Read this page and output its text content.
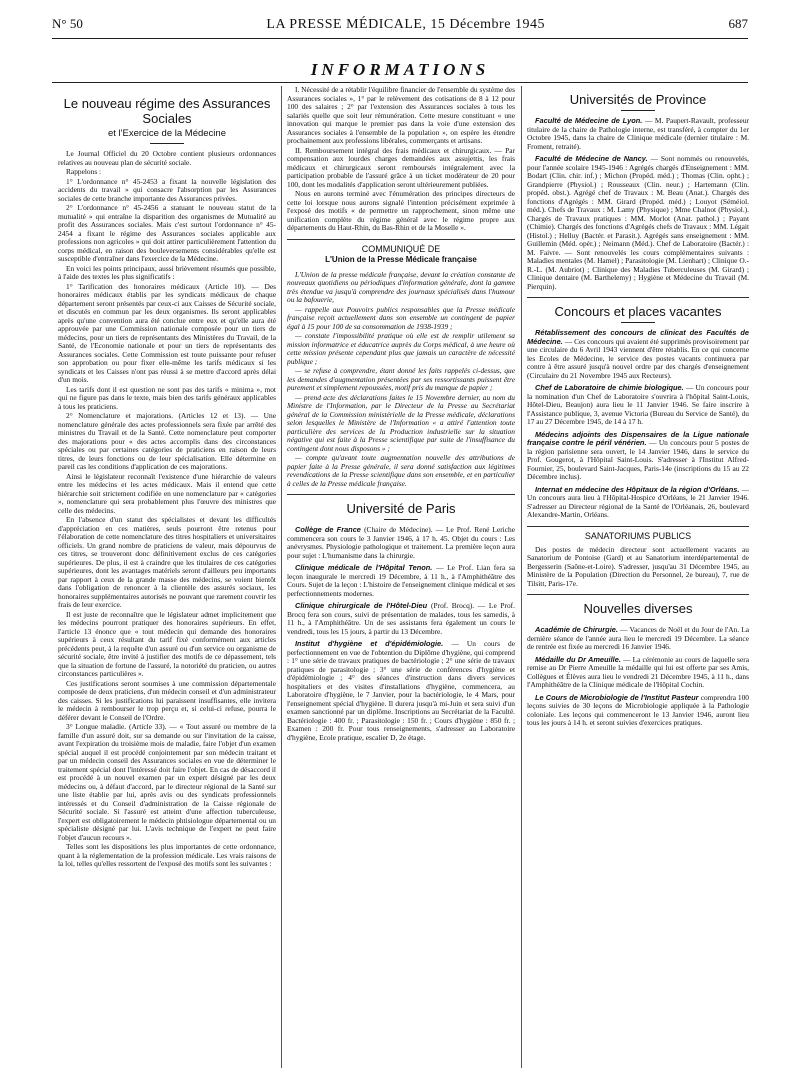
N° 50	LA PRESSE MÉDICALE, 15 Décembre 1945	687
INFORMATIONS
Le nouveau régime des Assurances Sociales
et l'Exercice de la Médecine

Le Journal Officiel du 20 Octobre contient plusieurs ordonnances relatives au nouveau plan de sécurité sociale.

Rappelons :

1° L'ordonnance n° 45-2453 a fixant la nouvelle législation des accidents du travail » qui consacre l'absorption par les Assurances sociales de cette branche importante des Assurances privées.

2° L'ordonnance n° 45-2456 a statuant le nouveau statut de la mutualité » qui entraîne la disparition des organismes de Mutualité au profit des Assurances sociales. Mais c'est surtout l'ordonnance n° 45-2454 a fixant le régime des Assurances sociales applicable aux professions non agricoles » qui doit attirer particulièrement l'attention du corps médical, en raison des bouleversements considérables qu'elle est susceptible d'entraîner dans l'exercice de la Médecine.

En voici les points principaux, aussi brièvement résumés que possible, à l'aide des textes les plus significatifs :

1° Tarification des honoraires médicaux (Article 10). — Des honoraires médicaux établis par les syndicats médicaux de chaque département seront présentés par ceux-ci aux Caisses de Sécurité sociale, et discutés en commun par les deux organismes. Ils seront applicables après qu'une convention aura été conclue entre eux et qu'elle aura été approuvée par une Commission nationale composée pour un tiers de médecins, pour un tiers de représentants des Ministères du Travail, de la Santé, de l'Economie nationale et pour un tiers de représentants des Assurances sociales. Cette Commission est toute puissante pour refuser son approbation ou pour fixer elle-même les tarifs médicaux si les syndicats et les Caisses n'ont pas réussi à se mettre d'accord après délai d'un mois.

Les tarifs dont il est question ne sont pas des tarifs « minima », mot qui ne figure pas dans le texte, mais bien des tarifs généraux applicables à tous les praticiens.

2° Nomenclature et majorations. (Articles 12 et 13). — Une nomenclature générale des actes professionnels sera fixée par arrêté des ministres du Travail et de la Santé. Cette nomenclature peut comporter des majorations pour « des actes accomplis dans des circonstances spéciales ou par certaines catégories de praticiens en raison de leurs titres, de leurs fonctions ou de leur spécialisation. Elle détermine en pareil cas les conditions d'application de ces majorations.

Ainsi le législateur reconnaît l'existence d'une hiérarchie de valeurs entre les médecins et les actes médicaux. Mais il entend que cette hiérarchie soit strictement codifiée en une nomenclature par « catégories », nomenclature qui sera probablement plus l'œuvre des ministres que celle des médecins.

En l'absence d'un statut des spécialistes et devant les difficultés d'appréciation en ces matières, seuls pourront être retenus pour l'élaboration de cette nomenclature des titres hospitaliers et universitaires officiels. Un grand nombre de praticiens de valeur, mais dépourvus de ces titres, se trouveront donc définitivement exclus de ces catégories supérieures. De plus, il est à craindre que les titulaires de ces catégories supérieures, dont les avantages matériels seront d'ailleurs peu importants par rapport à ceux de la grande masse des médecins, se voient bientôt dans l'obligation de renoncer à la clientèle des assurés sociaux, les honoraires supplémentaires autorisés ne pouvant que rarement couvrir les frais de leur exercice.

Il est juste de reconnaître que le législateur admet implicitement que les médecins pourront pratiquer des honoraires supérieurs. En effet, l'article 13 énonce que « tout médecin qui demande des honoraires supérieurs à ceux résultant du tarif fixé conformément aux articles précédents peut, à la requête d'un assuré ou d'un service ou organisme de sécurité sociale, être invité à justifier des motifs de ce dépassement, tels que la situation de fortune de l'assuré, la notoriété du praticien, ou autres circonstances particulières ».

Ces justifications seront soumises à une commission départementale composée de deux praticiens, d'un médecin conseil et d'un administrateur des caisses. Si les justifications lui paraissent insuffisantes, elle invitera le médecin à rembourser le trop perçu et, si celui-ci refuse, pourra le déférer devant le Conseil de l'Ordre.

3° Longue maladie. (Article 33). — « Tout assuré ou membre de la famille d'un assuré doit, sur sa demande ou sur l'invitation de la caisse, avant l'expiration du troisième mois de maladie, faire l'objet d'un examen spécial auquel il est procédé conjointement par son médecin traitant et par un médecin conseil des Assurances sociales en vue de déterminer le traitement spécial dont l'intéressé doit faire l'objet. En cas de désaccord il est procédé à un nouvel examen par un expert désigné par les deux médecins ou, à défaut d'accord, par le directeur régional de la Santé sur une liste établie par lui, après avis ou des syndicats professionnels intéressés et du Conseil d'administration de la Caisse régionale de Sécurité sociale. Si l'assuré est atteint d'une affection tuberculeuse, l'expert est obligatoirement le médecin phtisiologue départemental ou un spécialiste désigné par lui. L'avis technique de l'expert ne peut faire l'objet d'aucun recours ».

Telles sont les dispositions les plus importantes de cette ordonnance, quant à la réglementation de la profession médicale. Les vrais raisons de la loi, telles qu'elles ressortent de l'exposé des motifs sont les suivantes :

I. Nécessité de a rétablir l'équilibre financier de l'ensemble du système des Assurances sociales », 1° par le relèvement des cotisations de 8 à 12 pour 100 des salaires ; 2° par l'extension des Assurances sociales à tous les salariés quelle que soit leur rémunération. Cette mesure constituant « une innovation qui marque le premier pas dans la voie d'une extension des Assurances sociales à l'ensemble de la population », on espère les étendre prochainement aux professions libérales, commerçants et artisans.

II. Remboursement intégral des frais médicaux et chirurgicaux. — Par compensation aux lourdes charges demandées aux assujettis, les frais médicaux et chirurgicaux seront remboursés intégralement avec la participation probable de l'assuré grâce à un ticket modérateur de 20 pour 100, dont les modalités d'application seront ultérieurement publiées.

Nous en aurons terminé avec l'énumération des principes directeurs de cette loi lorsque nous aurons signalé l'intention précisément exprimée à l'exposé des motifs « de permettre un rapprochement, sinon même une unification complète du régime général avec le régime propre aux départements du Haut-Rhin, du Bas-Rhin et de la Moselle ».

COMMUNIQUÉ DE
L'Union de la Presse Médicale française

L'Union de la presse médicale française, devant la création constante de nouveaux quotidiens ou périodiques d'information générale, dont la gamme très étendue va jusqu'à comprendre des journaux spécialisés dans l'humour ou la bafouerie,

— rappelle aux Pouvoirs publics responsables que la Presse médicale française reçoit actuellement dans son ensemble un contingent de papier égal à 15 pour 100 de sa consommation de 1938-1939 ;

— constate l'impossibilité pratique où elle est de remplir utilement sa mission informatrice et éducatrice auprès du Corps médical, à une heure où cette mission présente cependant plus que jamais un caractère de nécessité publique ;

— se refuse à comprendre, étant donné les faits rappelés ci-dessus, que les demandes d'augmentation présentées par ses ressortissants puissent être purement et simplement repoussées, motif pris du manque de papier ;

— prend acte des déclarations faites le 15 Novembre dernier, au nom du Ministre de l'Information, par le Directeur de la Presse au Secrétariat général de la Commission ministérielle de la Presse médicale, déclarations selon lesquelles le Ministère de l'Information « a attiré l'attention toute particulière des services de la Production industrielle sur la situation négative qui est faite à la Presse scientifique par suite de l'insuffisance du contingent dont nous disposons » ;

— compte qu'avant toute augmentation nouvelle des attributions de papier faite à la Presse générale, il sera donné satisfaction aux légitimes revendications de la Presse scientifique dans son ensemble, et en particulier à celles de la Presse médicale française.

Université de Paris

Collège de France (Chaire de Médecine). — Le Prof. René Leriche commencera son cours le 3 Janvier 1946, à 17 h. 45. Objet du cours : Les anévrysmes. Physiologie pathologique et traitement. La première leçon aura pour sujet : L'humanisme dans la chirurgie.

Clinique médicale de l'Hôpital Tenon. — Le Prof. Lian fera sa leçon inaugurale le mercredi 19 Décembre, à 11 h., à l'Amphithéâtre des Cours. Sujet de la leçon : L'histoire de l'enseignement clinique médical et ses perfectionnements modernes.

Clinique chirurgicale de l'Hôtel-Dieu (Prof. Brocq). — Le Prof. Brocq fera son cours, suivi de présentation de malades, tous les samedis, à 11 h., à l'Amphithéâtre. Un de ses assistants fera également un cours le vendredi, tous les 15 jours, à partir du 13 Décembre.

Institut d'hygiène et d'épidémiologie. — Un cours de perfectionnement en vue de l'obtention du Diplôme d'hygiène, qui comprend : 1° une série de travaux pratiques de bactériologie ; 2° une série de travaux pratiques de parasitologie ; 3° une série de conférences d'hygiène et d'épidémiologie ; 4° des séances d'instruction dans divers services hospitaliers et des visites d'installations d'hygiène, commencera, au Laboratoire d'hygiène, le 7 Janvier, pour la bactériologie, le 4 Mars, pour l'enseignement spécial d'hygiène. Il durera jusqu'à mi-Juin et sera suivi d'un examen sanctionné par un diplôme. Inscriptions au Secrétariat de la Faculté. Bactériologie : 400 fr. ; Parasitologie : 150 fr. ; Cours d'hygiène : 850 fr. ; Examen : 200 fr. Pour tous renseignements, s'adresser au Laboratoire d'hygiène, Ecole pratique, escalier D, 2e étage.

Universités de Province

Faculté de Médecine de Lyon. — M. Paupert-Ravault, professeur titulaire de la chaire de Pathologie interne, est transféré, à compter du 1er Octobre 1945, dans la chaire de Clinique médicale (dernier titulaire : M. Froment, retraité).

Faculté de Médecine de Nancy. — Sont nommés ou renouvelés, pour l'année scolaire 1945-1946 : Agrégés chargés d'Enseignement : MM. Bodart (Clin. chir. inf.) ; Michon (Propéd. méd.) ; Thomas (Clin. opht.) ; Grandpierre (Physiol.) ; Rousseaux (Clin. neur.) ; Hartemann (Clin. propéd. obst.). Agrégé chef de Travaux : M. Beau (Anat.). Chargés des fonctions d'Agrégés : MM. Girard (Propéd. méd.) ; Louyot (Séméiol. méd.). Chefs de Travaux : M. Lamy (Physique) ; Mme Chalnot (Physiol.). Chargés de Travaux pratiques : MM. Morlot (Anat. pathol.) ; Payant (Chimie). Chargés des fonctions d'Agrégés chefs de Travaux : MM. Légait (Histol.) ; Helluy (Bactér. et Parasit.). Agrégés sans enseignement : MM. Guillemin (Méd. opér.) ; Neimann (Méd.). Chef de Laboratoire (Bactér.) : M. Faivre. — Sont renouvelés les cours complémentaires suivants : Maladies mentales (M. Hamel) ; Parasitologie (M. Lienhart) ; Clinique O.-R.-L. (M. Aubriot) ; Clinique des Maladies Tuberculeuses (M. Girard) ; Clinique dentaire (M. Barthelemy) ; Hygiène et Médecine du Travail (M. Pierquin).

Concours et places vacantes

Rétablissement des concours de clinicat des Facultés de Médecine. — Ces concours qui avaient été supprimés provisoirement par une circulaire du 6 Avril 1943 viennent d'être rétablis. En ce qui concerne les Ecoles de Médecine, le service des postes vacants continuera par contre à être assuré jusqu'à nouvel ordre par des chargés d'enseignement (Circulaire du 21 Novembre 1945 aux Recteurs).

Chef de Laboratoire de chimie biologique. — Un concours pour la nomination d'un Chef de Laboratoire s'ouvrira à l'hôpital Saint-Louis, Hôtel-Dieu, Beaujon) aura lieu le 11 Janvier 1946. Se faire inscrire à l'Assistance publique, 3, avenue Victoria (Bureau du Service de Santé), du 17 au 27 Décembre 1945, de 14 à 17 h.

Médecins adjoints des Dispensaires de la Ligue nationale française contre le péril vénérien. — Un concours pour 5 postes de la région parisienne sera ouvert, le 14 Janvier 1946, dans le service du Prof. Gougerot, à l'Hôpital Saint-Louis. S'adresser à l'Institut Alfred-Fournier, 25, boulevard Saint-Jacques, Paris-14e (inscriptions du 15 au 22 Décembre inclus).

Internat en médecine des Hôpitaux de la région d'Orléans. — Un concours aura lieu à l'Hôpital-Hospice d'Orléans, le 21 Janvier 1946. S'adresser au Directeur régional de la Santé de l'Orléanais, 26, boulevard Alexandre-Martin, Orléans.

SANATORIUMS PUBLICS

Des postes de médecin directeur sont actuellement vacants au Sanatorium de Pontoise (Gard) et au Sanatorium interdépartemental de Bergesserin (Saône-et-Loire). S'adresser, jusqu'au 31 Décembre 1945, au Ministère de la Population (Direction du Personnel, 2e bureau), 7, rue de Tilsitt, Paris-17e.

Nouvelles diverses

Académie de Chirurgie. — Vacances de Noël et du Jour de l'An. La dernière séance de l'année aura lieu le mercredi 19 Décembre. La séance de rentrée est fixée au mercredi 16 Janvier 1946.

Médaille du Dr Ameuille. — La cérémonie au cours de laquelle sera remise au Dr Pierre Ameuille la médaille qui lui est offerte par ses Amis, Collègues et Élèves aura lieu le vendredi 21 Décembre 1945, à 11 h., dans l'Amphithéâtre de la Clinique médicale de l'Hôpital Cochin.

Le Cours de Microbiologie de l'Institut Pasteur comprendra 100 leçons suivies de 30 leçons de Microbiologie appliquée à la Pathologie coloniale. Les leçons qui commenceront le 13 Janvier 1946, auront lieu tous les jours à 14 h. et seront suivies d'exercices pratiques.
